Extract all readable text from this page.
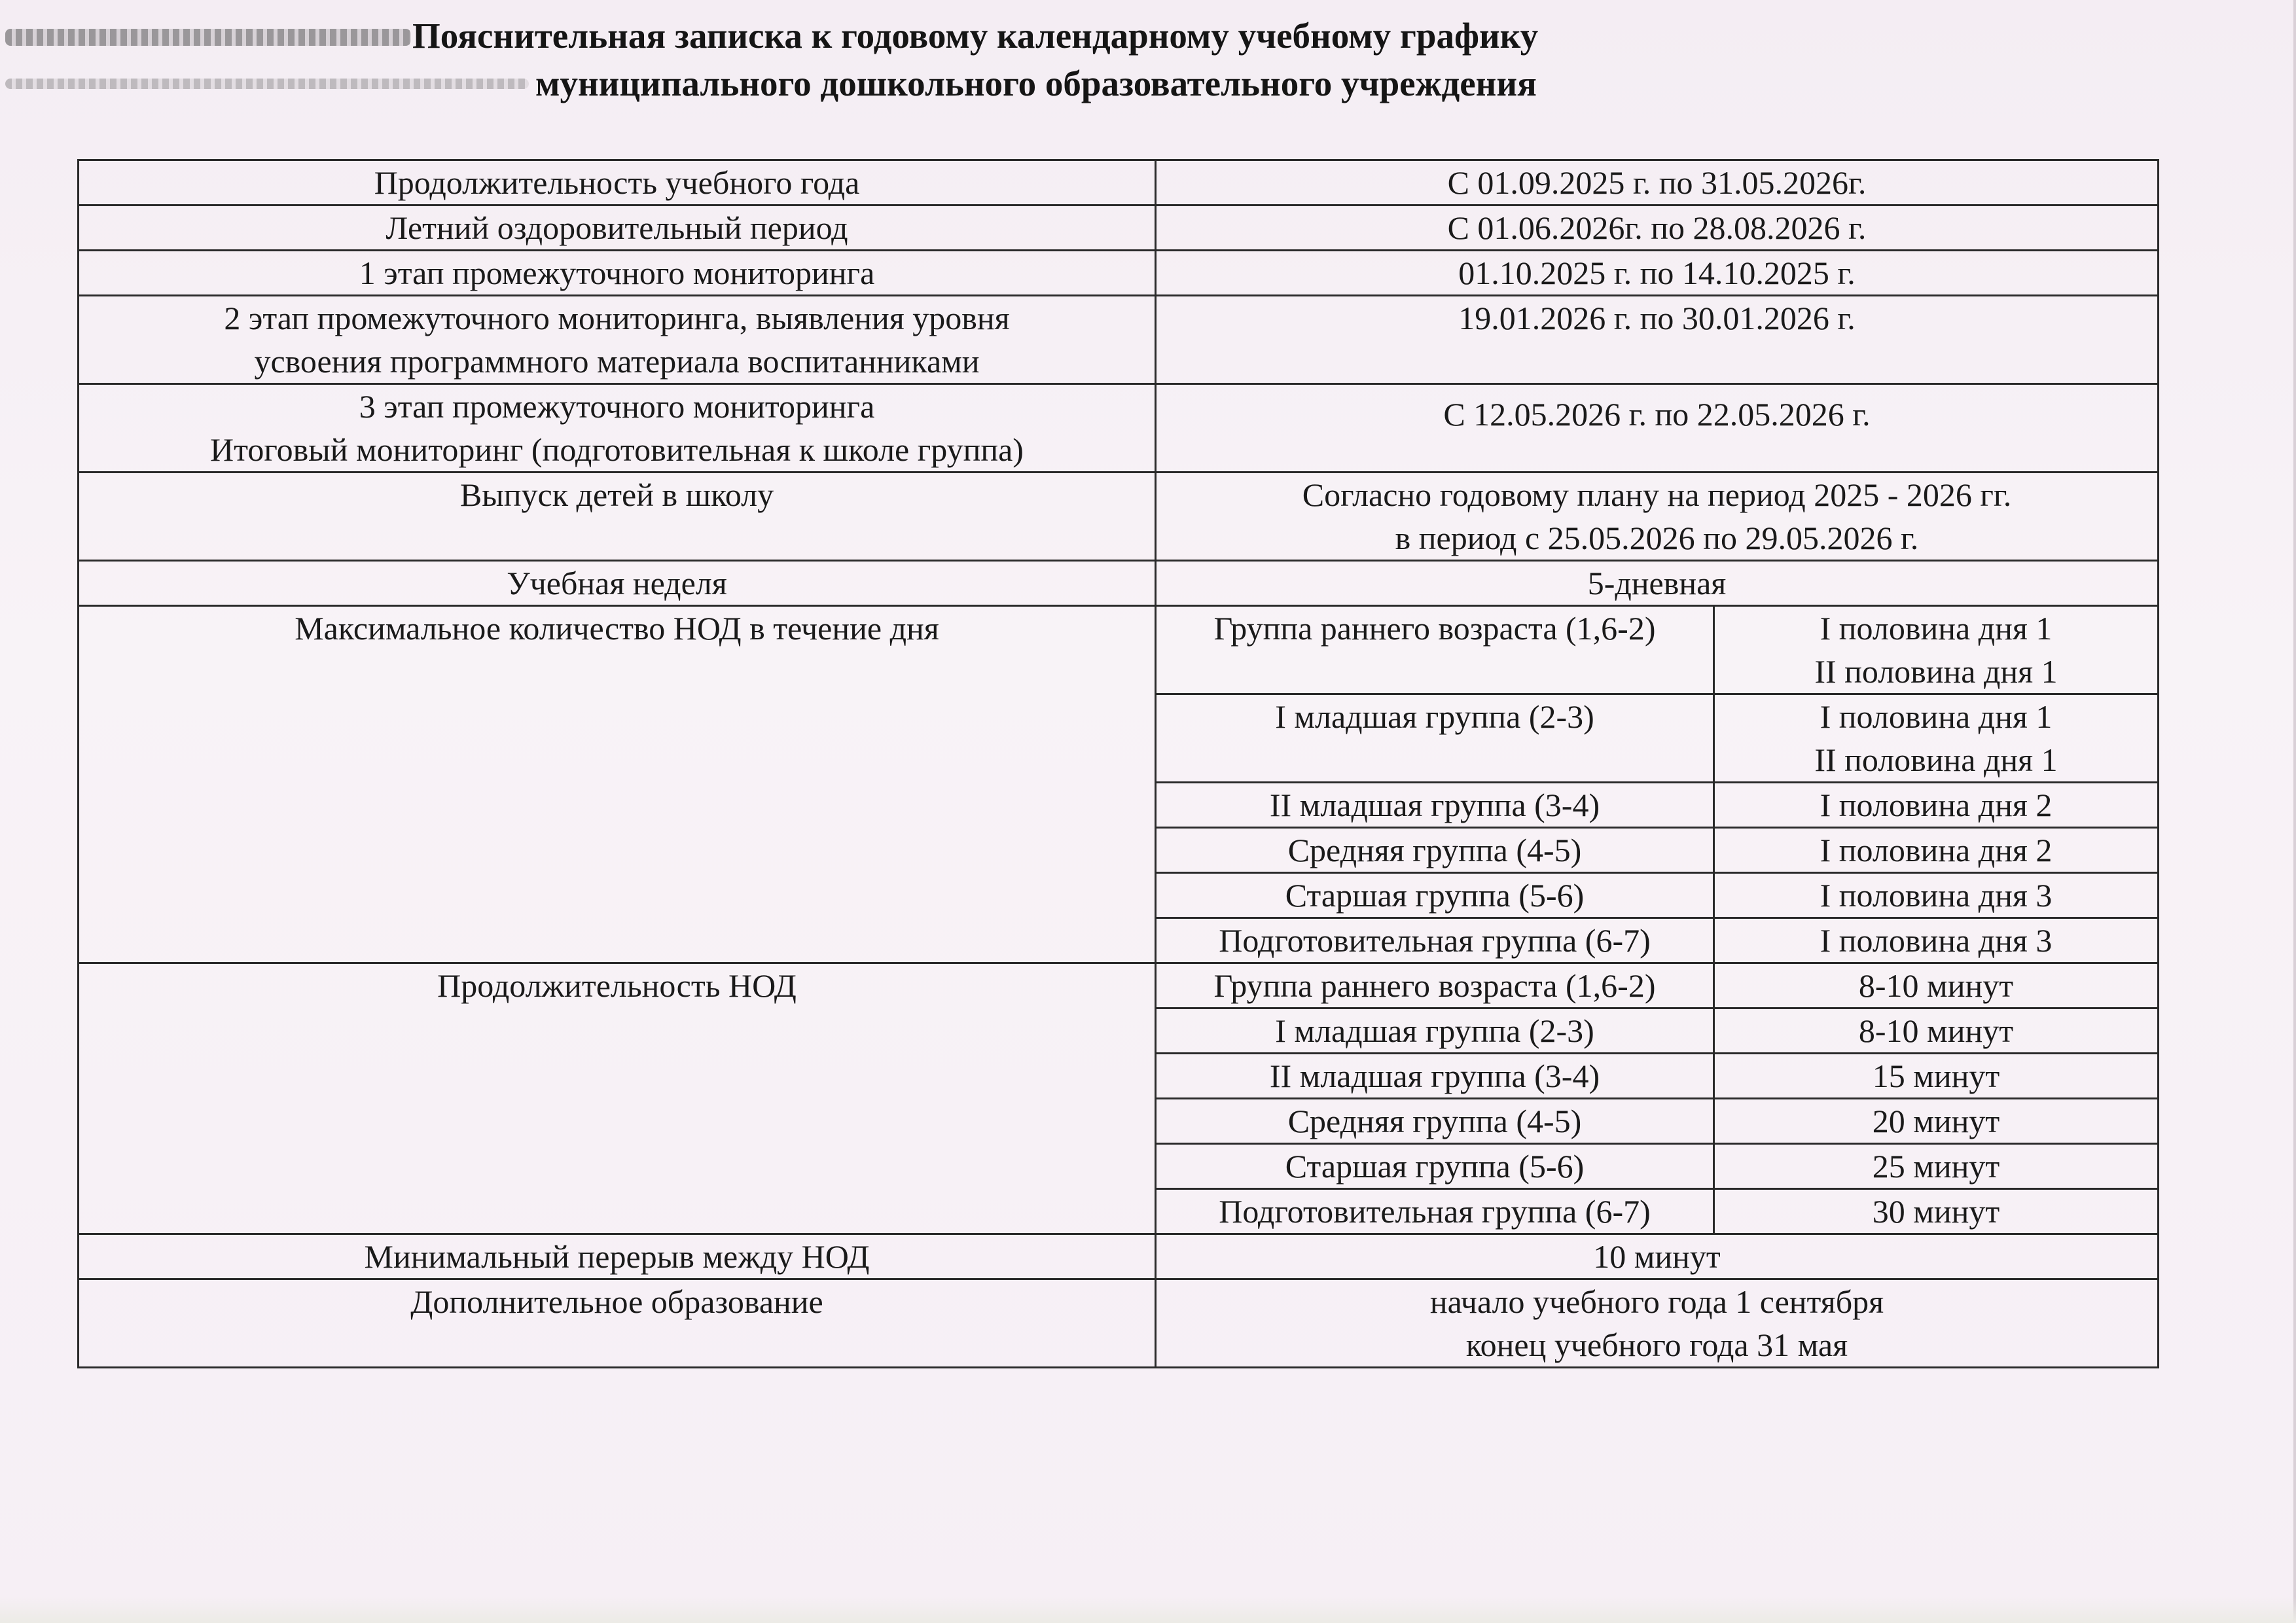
Пояснительная записка к годовому календарному учебному графику
муниципального дошкольного образовательного учреждения
Продолжительность учебного года	С 01.09.2025 г. по 31.05.2026г.	
Летний оздоровительный период	С 01.06.2026г. по 28.08.2026 г.	
1 этап промежуточного мониторинга	01.10.2025 г. по 14.10.2025 г.	

2 этап промежуточного мониторинга, выявления уровня
усвоения программного материала воспитанниками	19.01.2026 г. по 30.01.2026 г.	

3 этап промежуточного мониторинга
Итоговый мониторинг (подготовительная к школе группа)	С 12.05.2026 г. по 22.05.2026 г.	
Выпуск детей в школу	Согласно годовому плану на период 2025 - 2026 гг.
в период с 25.05.2026 по 29.05.2026 г.	

Учебная неделя	5-дневная	
Максимальное количество НОД в течение дня	Группа раннего возраста (1,6-2)	I половина дня 1
II половина дня 1

	I младшая группа (2-3)	I половина дня 1
II половина дня 1

	II младшая группа (3-4)	I половина дня 2
	Средняя группа (4-5)	I половина дня 2
	Старшая группа (5-6)	I половина дня 3
	Подготовительная группа (6-7)	I половина дня 3
Продолжительность НОД	Группа раннего возраста (1,6-2)	8-10 минут
	I младшая группа (2-3)	8-10 минут
	II младшая группа (3-4)	15 минут
	Средняя группа (4-5)	20 минут
	Старшая группа (5-6)	25 минут
	Подготовительная группа (6-7)	30 минут
Минимальный перерыв между НОД	10 минут	
Дополнительное образование	начало учебного года 1 сентября
конец учебного года 31 мая	
